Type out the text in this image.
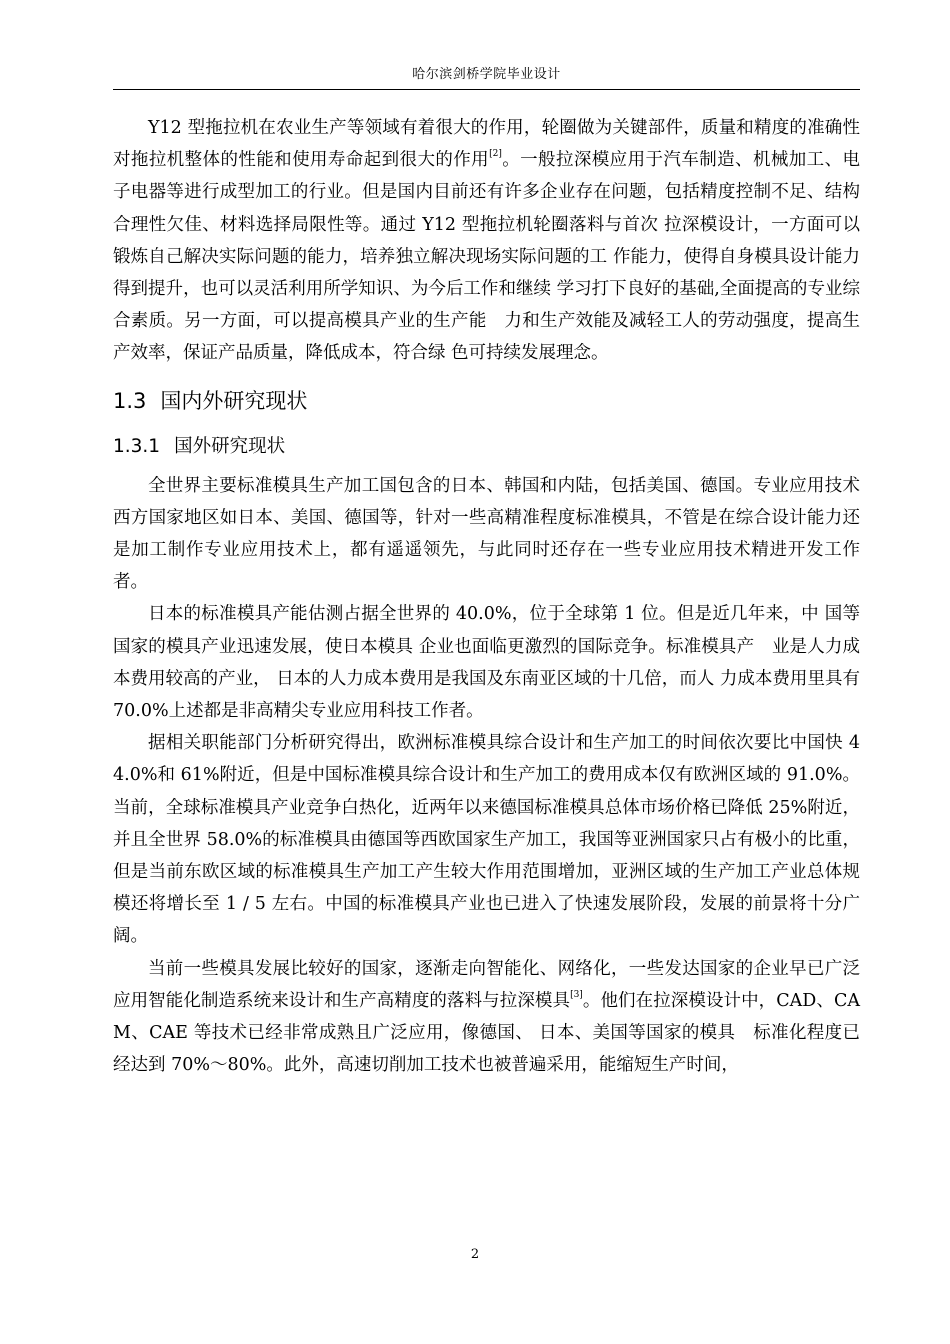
哈尔滨剑桥学院毕业设计

Y12 型拖拉机在农业生产等领域有着很大的作用，轮圈做为关键部件，质量和精度的准确性对拖拉机整体的性能和使用寿命起到很大的作用[2]。一般拉深模应用于汽车制造、机械加工、电子电器等进行成型加工的行业。但是国内目前还有许多企业存在问题，包括精度控制不足、结构合理性欠佳、材料选择局限性等。通过 Y12 型拖拉机轮圈落料与首次 拉深模设计，一方面可以锻炼自己解决实际问题的能力，培养独立解决现场实际问题的工 作能力，使得自身模具设计能力得到提升，也可以灵活利用所学知识、为今后工作和继续 学习打下良好的基础,全面提高的专业综合素质。另一方面，可以提高模具产业的生产能　力和生产效能及减轻工人的劳动强度，提高生产效率，保证产品质量，降低成本，符合绿 色可持续发展理念。

1.3 国内外研究现状
1.3.1 国外研究现状

全世界主要标准模具生产加工国包含的日本、韩国和内陆，包括美国、德国。专业应用技术西方国家地区如日本、美国、德国等，针对一些高精准程度标准模具，不管是在综合设计能力还是加工制作专业应用技术上，都有遥遥领先，与此同时还存在一些专业应用技术精进开发工作者。

日本的标准模具产能估测占据全世界的 40.0%，位于全球第 1 位。但是近几年来，中 国等国家的模具产业迅速发展，使日本模具 企业也面临更激烈的国际竞争。标准模具产　业是人力成本费用较高的产业， 日本的人力成本费用是我国及东南亚区域的十几倍，而人 力成本费用里具有 70.0%上述都是非高精尖专业应用科技工作者。

据相关职能部门分析研究得出，欧洲标准模具综合设计和生产加工的时间依次要比中国快 44.0%和 61%附近，但是中国标准模具综合设计和生产加工的费用成本仅有欧洲区域的 91.0%。当前，全球标准模具产业竞争白热化，近两年以来德国标准模具总体市场价格已降低 25%附近，并且全世界 58.0%的标准模具由德国等西欧国家生产加工，我国等亚洲国家只占有极小的比重，但是当前东欧区域的标准模具生产加工产生较大作用范围增加，亚洲区域的生产加工产业总体规模还将增长至 1 / 5 左右。中国的标准模具产业也已进入了快速发展阶段，发展的前景将十分广阔。

当前一些模具发展比较好的国家，逐渐走向智能化、网络化，一些发达国家的企业早已广泛应用智能化制造系统来设计和生产高精度的落料与拉深模具[3]。他们在拉深模设计中，CAD、CAM、CAE 等技术已经非常成熟且广泛应用，像德国、 日本、美国等国家的模具　标准化程度已经达到 70%～80%。此外，高速切削加工技术也被普遍采用，能缩短生产时间，

2
